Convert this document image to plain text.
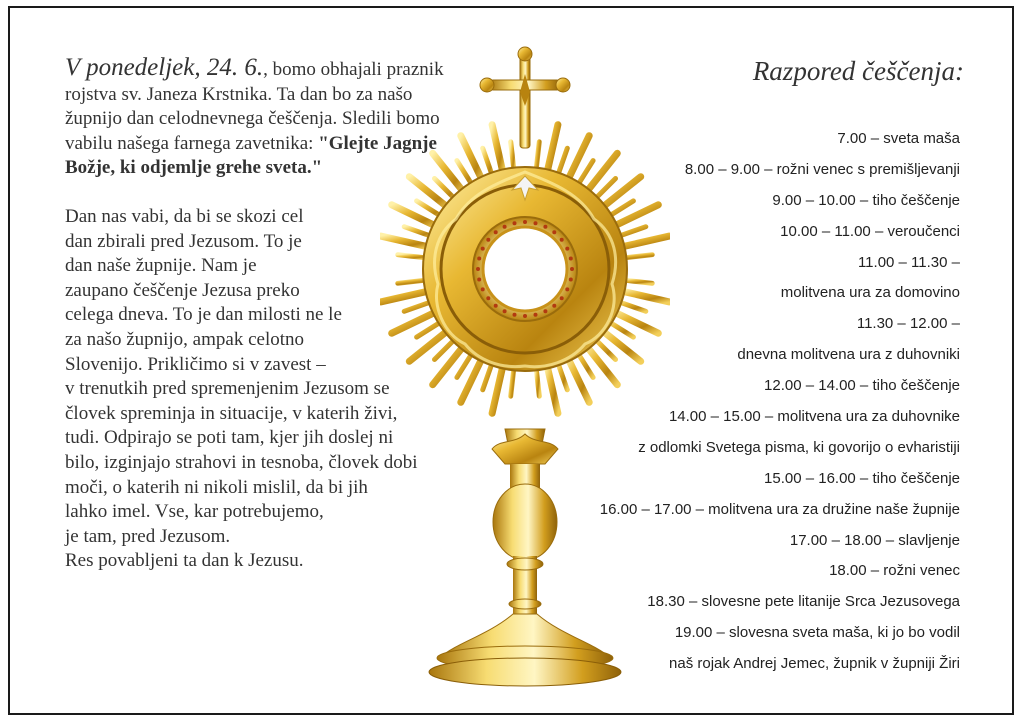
V ponedeljek, 24. 6., bomo obhajali praznik rojstva sv. Janeza Krstnika. Ta dan bo za našo župnijo dan celodnevnega češčenja. Sledili bomo vabilu našega farnega zavetnika: "Glejte Jagnje Božje, ki odjemlje grehe sveta."

Dan nas vabi, da bi se skozi cel
dan zbirali pred Jezusom. To je
dan naše župnije. Nam je
zaupano češčenje Jezusa preko
celega dneva. To je dan milosti ne le
za našo župnijo, ampak celotno
Slovenijo. Prikličimo si v zavest –
v trenutkih pred spremenjenim Jezusom se
človek spreminja in situacije, v katerih živi,
tudi. Odpirajo se poti tam, kjer jih doslej ni
bilo, izginjajo strahovi in tesnoba, človek dobi
moči, o katerih ni nikoli mislil, da bi jih
lahko imel. Vse, kar potrebujemo,
je tam, pred Jezusom.
Res povabljeni ta dan k Jezusu.
Razpored češčenja:
7.00 – sveta maša
8.00 – 9.00 – rožni venec s premišljevanji
9.00 – 10.00 – tiho češčenje
10.00 – 11.00 – veroučenci
11.00 – 11.30 –
molitvena ura za domovino
11.30 – 12.00 –
dnevna molitvena ura z duhovniki
12.00 – 14.00 – tiho češčenje
14.00 – 15.00 – molitvena ura za duhovnike
z odlomki Svetega pisma, ki govorijo o evharistiji
15.00 – 16.00 – tiho češčenje
16.00 – 17.00 – molitvena ura za družine naše župnije
17.00 – 18.00 – slavljenje
18.00 – rožni venec
18.30 – slovesne pete litanije Srca Jezusovega
19.00 – slovesna sveta maša, ki jo bo vodil
naš rojak Andrej Jemec, župnik v župniji Žiri
